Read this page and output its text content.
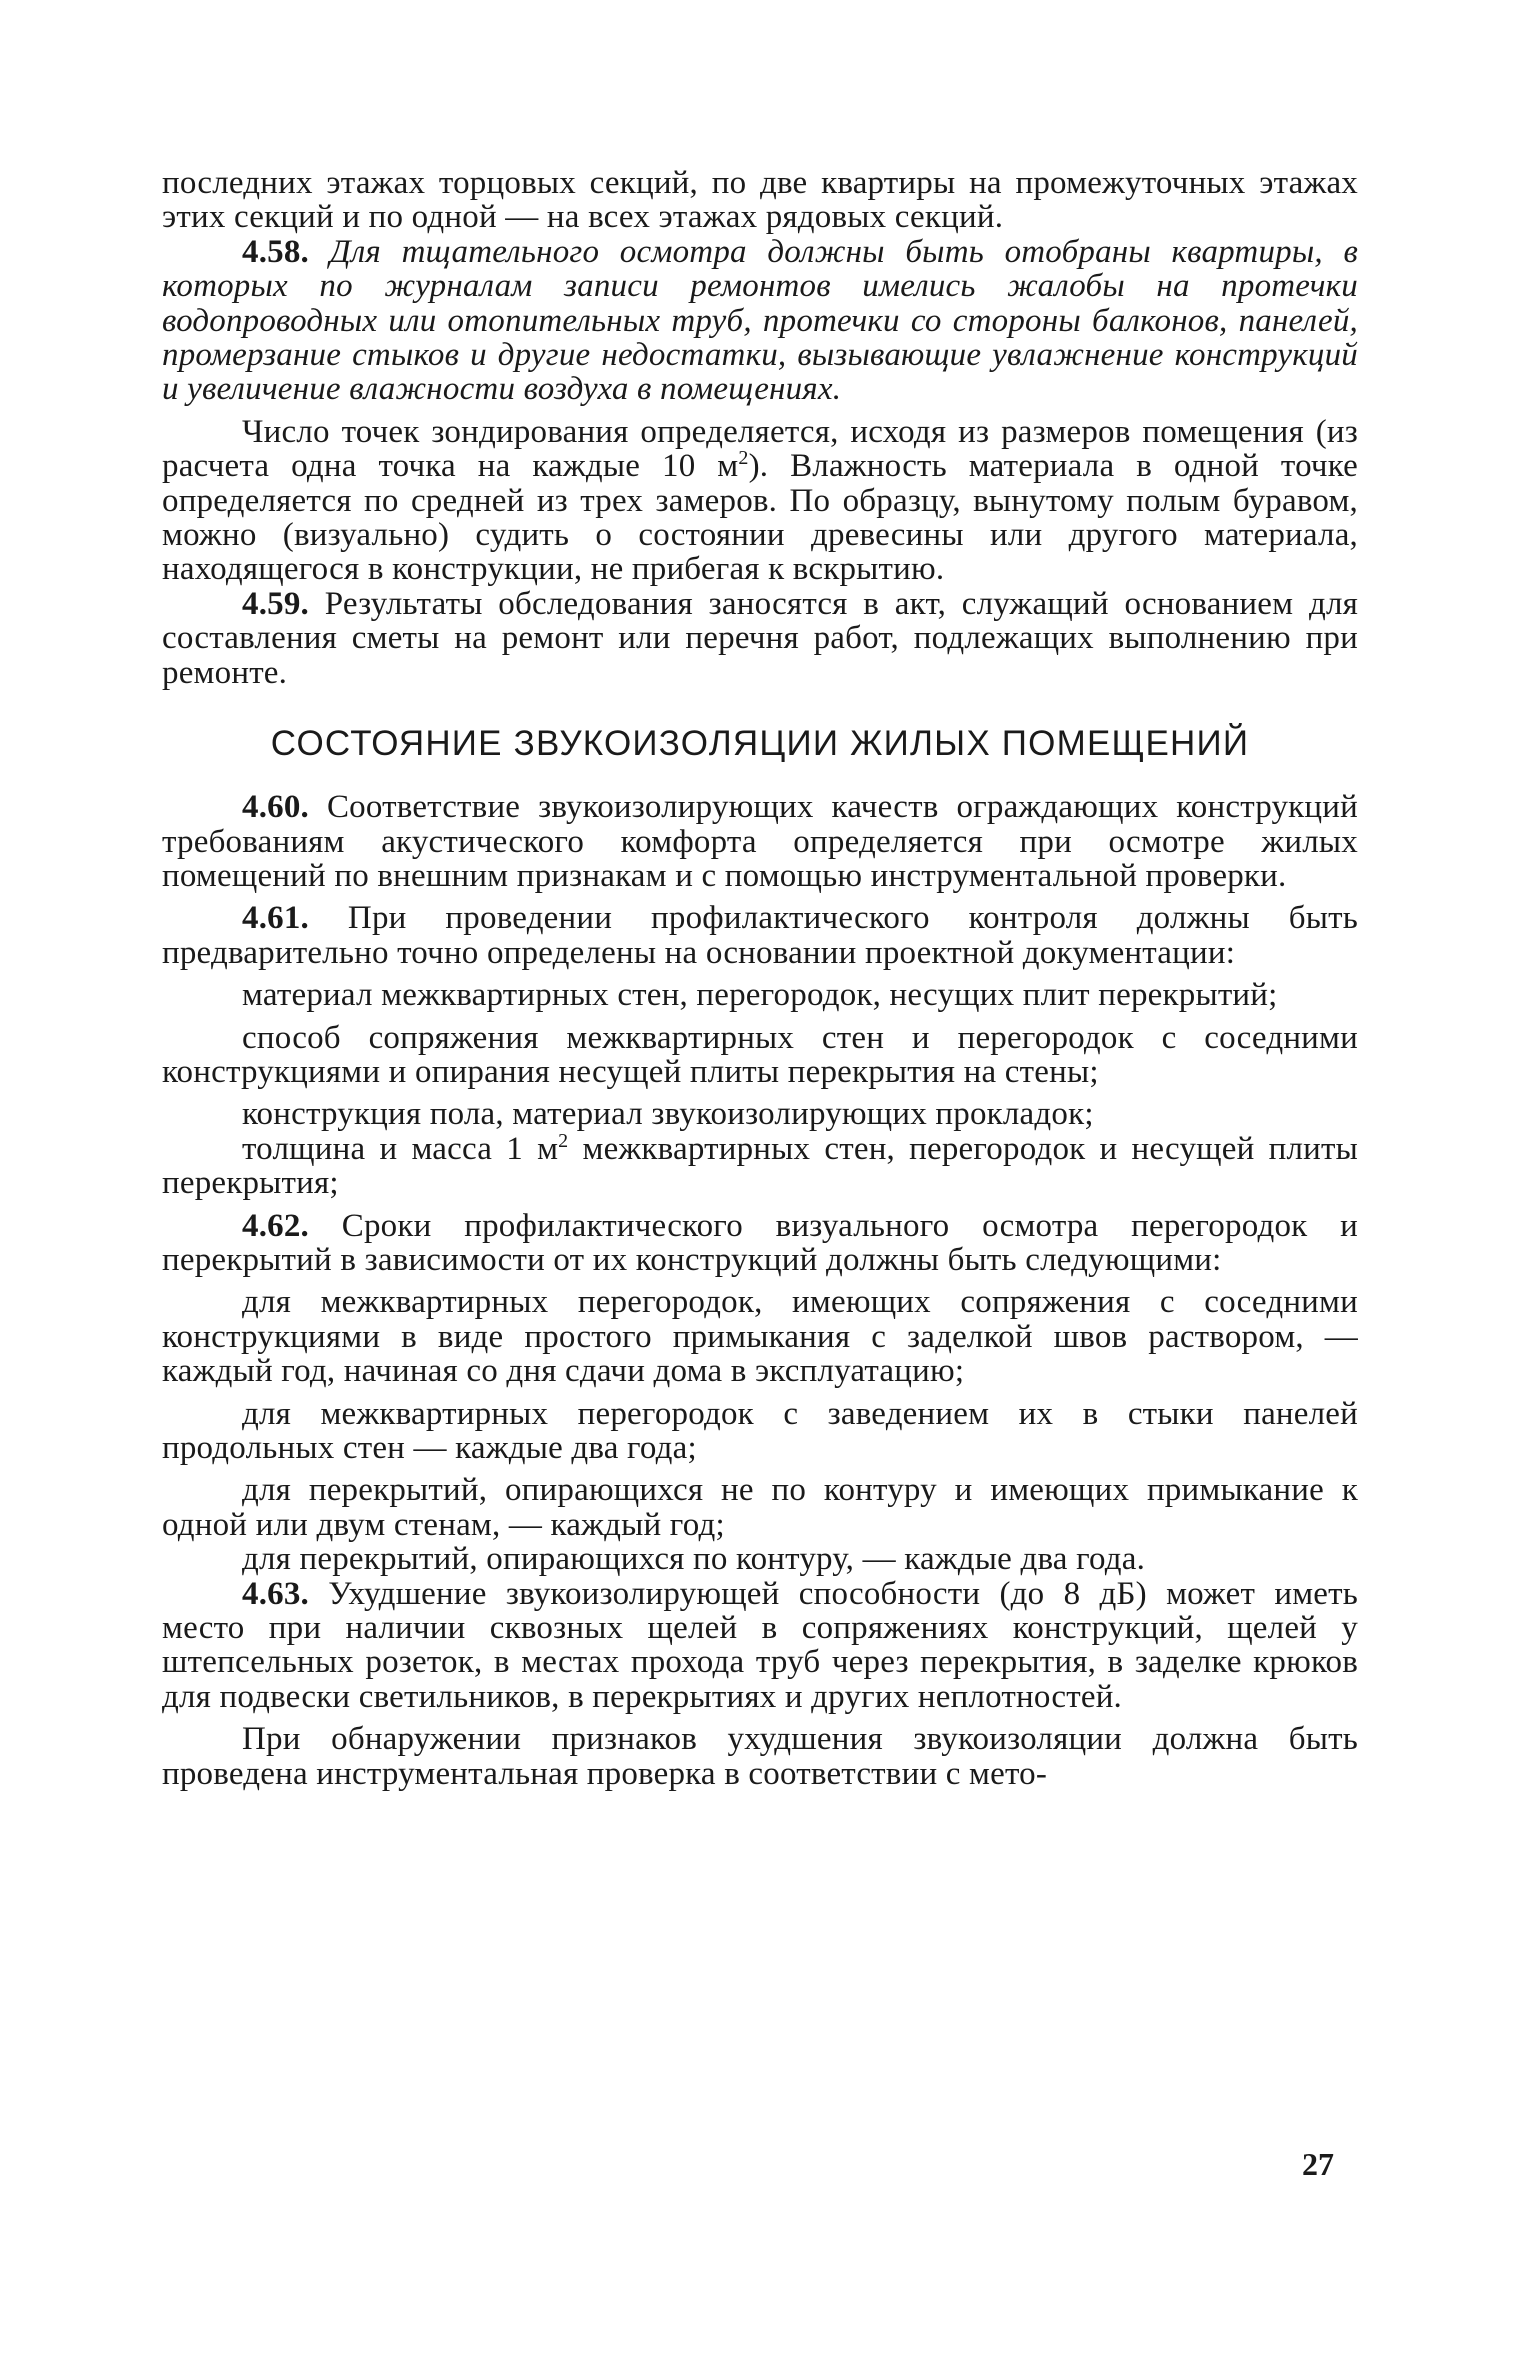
последних этажах торцовых секций, по две квартиры на промежуточных этажах этих секций и по одной — на всех этажах рядовых секций.

4.58. Для тщательного осмотра должны быть отобраны квартиры, в которых по журналам записи ремонтов имелись жалобы на протечки водопроводных или отопительных труб, протечки со стороны балконов, панелей, промерзание стыков и другие недостатки, вызывающие увлажнение конструкций и увеличение влажности воздуха в помещениях.

Число точек зондирования определяется, исходя из размеров помещения (из расчета одна точка на каждые 10 $м^2$). Влажность материала в одной точке определяется по средней из трех замеров. По образцу, вынутому полым буравом, можно (визуально) судить о состоянии древесины или другого материала, находящегося в конструкции, не прибегая к вскрытию.

4.59. Результаты обследования заносятся в акт, служащий основанием для составления сметы на ремонт или перечня работ, подлежащих выполнению при ремонте.

СОСТОЯНИЕ ЗВУКОИЗОЛЯЦИИ ЖИЛЫХ ПОМЕЩЕНИЙ

4.60. Соответствие звукоизолирующих качеств ограждающих конструкций требованиям акустического комфорта определяется при осмотре жилых помещений по внешним признакам и с помощью инструментальной проверки.

4.61. При проведении профилактического контроля должны быть предварительно точно определены на основании проектной документации:

материал межквартирных стен, перегородок, несущих плит перекрытий;

способ сопряжения межквартирных стен и перегородок с соседними конструкциями и опирания несущей плиты перекрытия на стены;

конструкция пола, материал звукоизолирующих прокладок;

толщина и масса 1 $м^2$ межквартирных стен, перегородок и несущей плиты перекрытия;

4.62. Сроки профилактического визуального осмотра перегородок и перекрытий в зависимости от их конструкций должны быть следующими:

для межквартирных перегородок, имеющих сопряжения с соседними конструкциями в виде простого примыкания с заделкой швов раствором, — каждый год, начиная со дня сдачи дома в эксплуатацию;

для межквартирных перегородок с заведением их в стыки панелей продольных стен — каждые два года;

для перекрытий, опирающихся не по контуру и имеющих примыкание к одной или двум стенам, — каждый год;

для перекрытий, опирающихся по контуру, — каждые два года.

4.63. Ухудшение звукоизолирующей способности (до 8 дБ) может иметь место при наличии сквозных щелей в сопряжениях конструкций, щелей у штепсельных розеток, в местах прохода труб через перекрытия, в заделке крюков для подвески светильников, в перекрытиях и других неплотностей.

При обнаружении признаков ухудшения звукоизоляции должна быть проведена инструментальная проверка в соответствии с мето-

27
